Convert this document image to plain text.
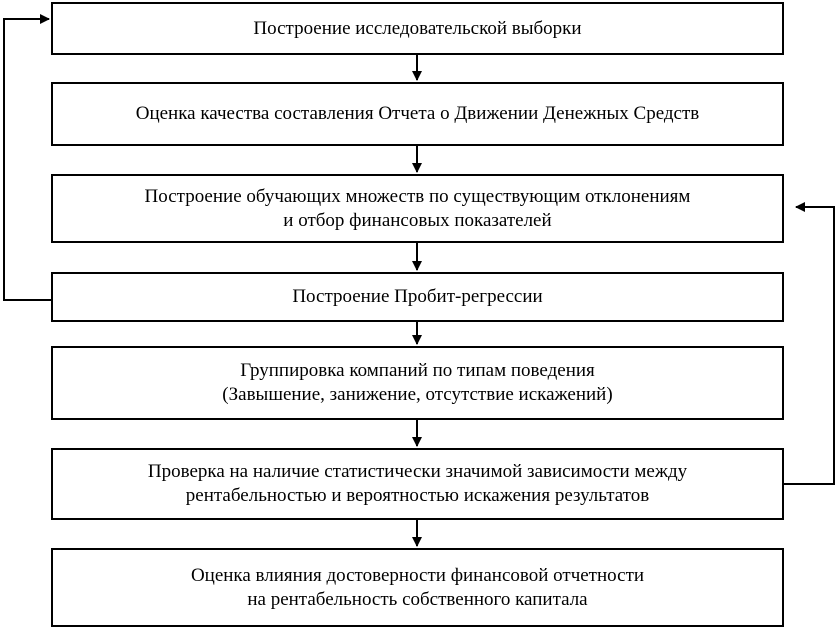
Построение исследовательской выборки
Оценка качества составления Отчета о Движении Денежных Средств
Построение обучающих множеств по существующим отклонениям
и отбор финансовых показателей
Построение Пробит-регрессии
Группировка компаний по типам поведения
(Завышение, занижение, отсутствие искажений)
Проверка на наличие статистически значимой зависимости между
рентабельностью и вероятностью искажения результатов
Оценка влияния достоверности финансовой отчетности
на рентабельность собственного капитала
